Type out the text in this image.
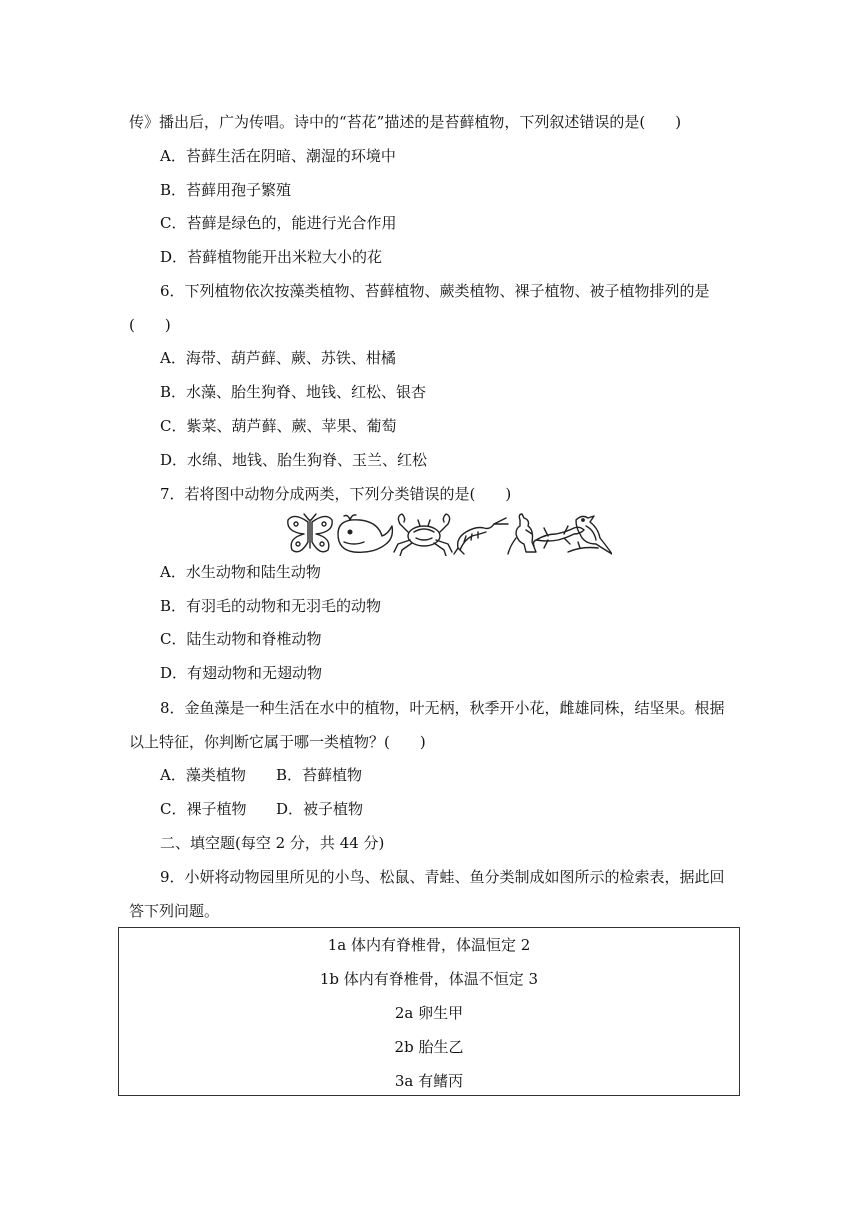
传》播出后，广为传唱。诗中的“苔花”描述的是苔藓植物，下列叙述错误的是(　　)
A．苔藓生活在阴暗、潮湿的环境中
B．苔藓用孢子繁殖
C．苔藓是绿色的，能进行光合作用
D．苔藓植物能开出米粒大小的花
6．下列植物依次按藻类植物、苔藓植物、蕨类植物、裸子植物、被子植物排列的是
(　　)
A．海带、葫芦藓、蕨、苏铁、柑橘
B．水藻、胎生狗脊、地钱、红松、银杏
C．紫菜、葫芦藓、蕨、苹果、葡萄
D．水绵、地钱、胎生狗脊、玉兰、红松
7．若将图中动物分成两类，下列分类错误的是(　　)
A．水生动物和陆生动物
B．有羽毛的动物和无羽毛的动物
C．陆生动物和脊椎动物
D．有翅动物和无翅动物
8．金鱼藻是一种生活在水中的植物，叶无柄，秋季开小花，雌雄同株，结坚果。根据
以上特征，你判断它属于哪一类植物？(　　)
A．藻类植物 B．苔藓植物
C．裸子植物 D．被子植物
二、填空题(每空 2 分，共 44 分)
9．小妍将动物园里所见的小鸟、松鼠、青蛙、鱼分类制成如图所示的检索表，据此回
答下列问题。
1a 体内有脊椎骨，体温恒定 2
1b 体内有脊椎骨，体温不恒定 3
2a 卵生甲
2b 胎生乙
3a 有鳍丙
